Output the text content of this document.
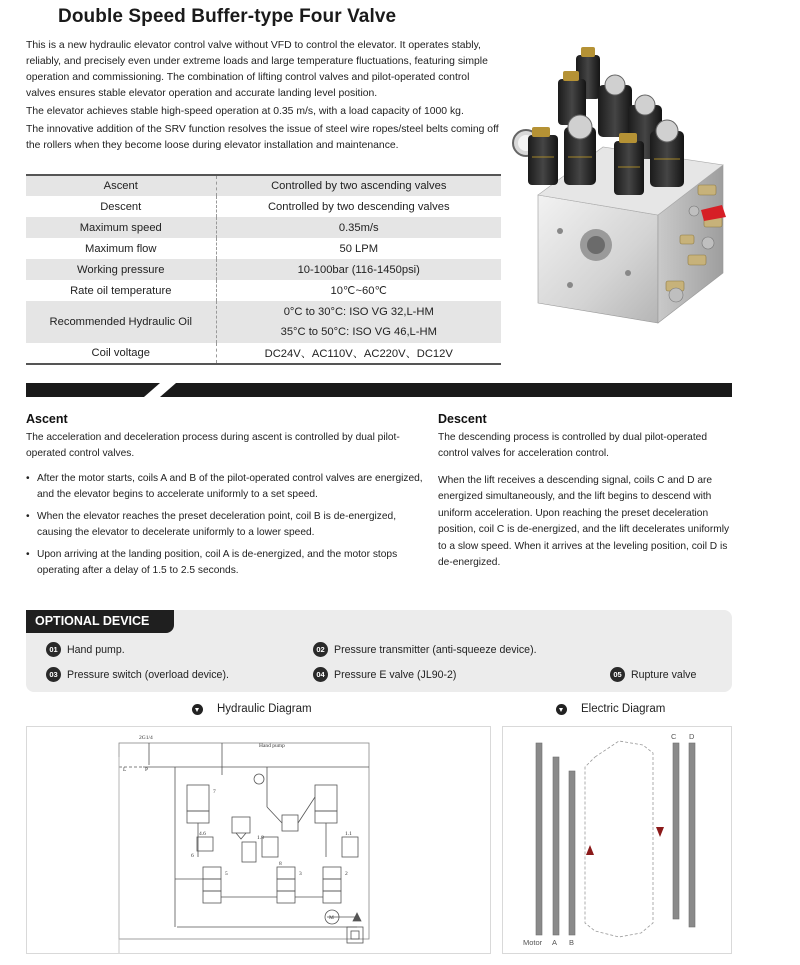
Double Speed Buffer-type Four Valve

This is a new hydraulic elevator control valve without VFD to control the elevator. It operates stably, reliably, and precisely even under extreme loads and large temperature fluctuations, featuring simple operation and commissioning. The combination of lifting control valves and pilot-operated control valves ensures stable elevator operation and accurate landing level position.

The elevator achieves stable high-speed operation at 0.35 m/s, with a load capacity of 1000 kg.

The innovative addition of the SRV function resolves the issue of steel wire ropes/steel belts coming off the rollers when they become loose during elevator installation and maintenance.

Ascent	Controlled by two ascending valves
Descent	Controlled by two descending valves
Maximum speed	0.35m/s
Maximum flow	50 LPM
Working pressure	10-100bar (116-1450psi)
Rate oil temperature	10℃~60℃
Recommended Hydraulic Oil	0°C to 30°C: ISO VG 32,L-HM
35°C to 50°C: ISO VG 46,L-HM

Coil voltage	DC24V、AC110V、AC220V、DC12V
Ascent

The acceleration and deceleration process during ascent is controlled by dual pilot-operated control valves.

• After the motor starts, coils A and B of the pilot-operated control valves are energized, and the elevator begins to accelerate uniformly to a set speed.
• When the elevator reaches the preset deceleration point, coil B is de-energized, causing the elevator to decelerate uniformly to a lower speed.
• Upon arriving at the landing position, coil A is de-energized, and the motor stops operating after a delay of 1.5 to 2.5 seconds.
Descent

The descending process is controlled by dual pilot-operated control valves for acceleration control.

When the lift receives a descending signal, coils C and D are energized simultaneously, and the lift begins to descend with uniform acceleration. Upon reaching the preset deceleration position, coil C is de-energized, and the lift decelerates uniformly to a slow speed. When it arrives at the leveling position, coil D is de-energized.

OPTIONAL DEVICE
01 Hand pump.	02 Pressure transmitter (anti-squeeze device).
03 Pressure switch (overload device).	04 Pressure E valve (JL90-2)	05 Rupture valve
Hydraulic Diagram	Electric Diagram
2G1/4
Hand pump
P
L
7
4.6
1.8
1.1
8
M
5	3	2
6
C D
Motor A B
